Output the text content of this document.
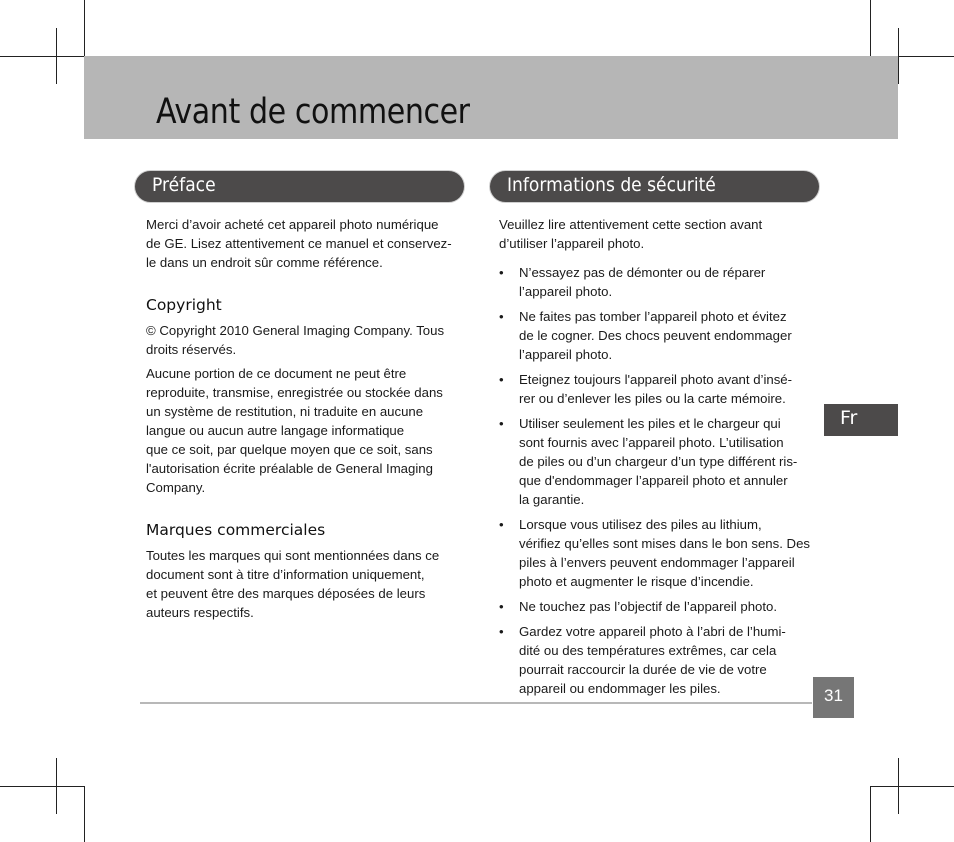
Avant de commencer
Préface	Informations de sécurité

Merci d’avoir acheté cet appareil photo numérique
de GE. Lisez attentivement ce manuel et conservez-
le dans un endroit sûr comme référence.

Copyright

© Copyright 2010 General Imaging Company. Tous
droits réservés.

Aucune portion de ce document ne peut être
reproduite, transmise, enregistrée ou stockée dans
un système de restitution, ni traduite en aucune
langue ou aucun autre langage informatique
que ce soit, par quelque moyen que ce soit, sans
l'autorisation écrite préalable de General Imaging
Company.

Marques commerciales

Toutes les marques qui sont mentionnées dans ce
document sont à titre d’information uniquement,
et peuvent être des marques déposées de leurs
auteurs respectifs.

Veuillez lire attentivement cette section avant
d’utiliser l’appareil photo.

• N’essayez pas de démonter ou de réparer
l’appareil photo.
• Ne faites pas tomber l’appareil photo et évitez
de le cogner. Des chocs peuvent endommager
l’appareil photo.
• Eteignez toujours l'appareil photo avant d’insé-
rer ou d’enlever les piles ou la carte mémoire.
• Utiliser seulement les piles et le chargeur qui
sont fournis avec l’appareil photo. L’utilisation
de piles ou d’un chargeur d’un type différent ris-
que d'endommager l’appareil photo et annuler
la garantie.
• Lorsque vous utilisez des piles au lithium,
vérifiez qu’elles sont mises dans le bon sens. Des
piles à l’envers peuvent endommager l’appareil
photo et augmenter le risque d’incendie.
• Ne touchez pas l’objectif de l’appareil photo.
• Gardez votre appareil photo à l’abri de l’humi-
dité ou des températures extrêmes, car cela
pourrait raccourcir la durée de vie de votre
appareil ou endommager les piles.
Fr
31
